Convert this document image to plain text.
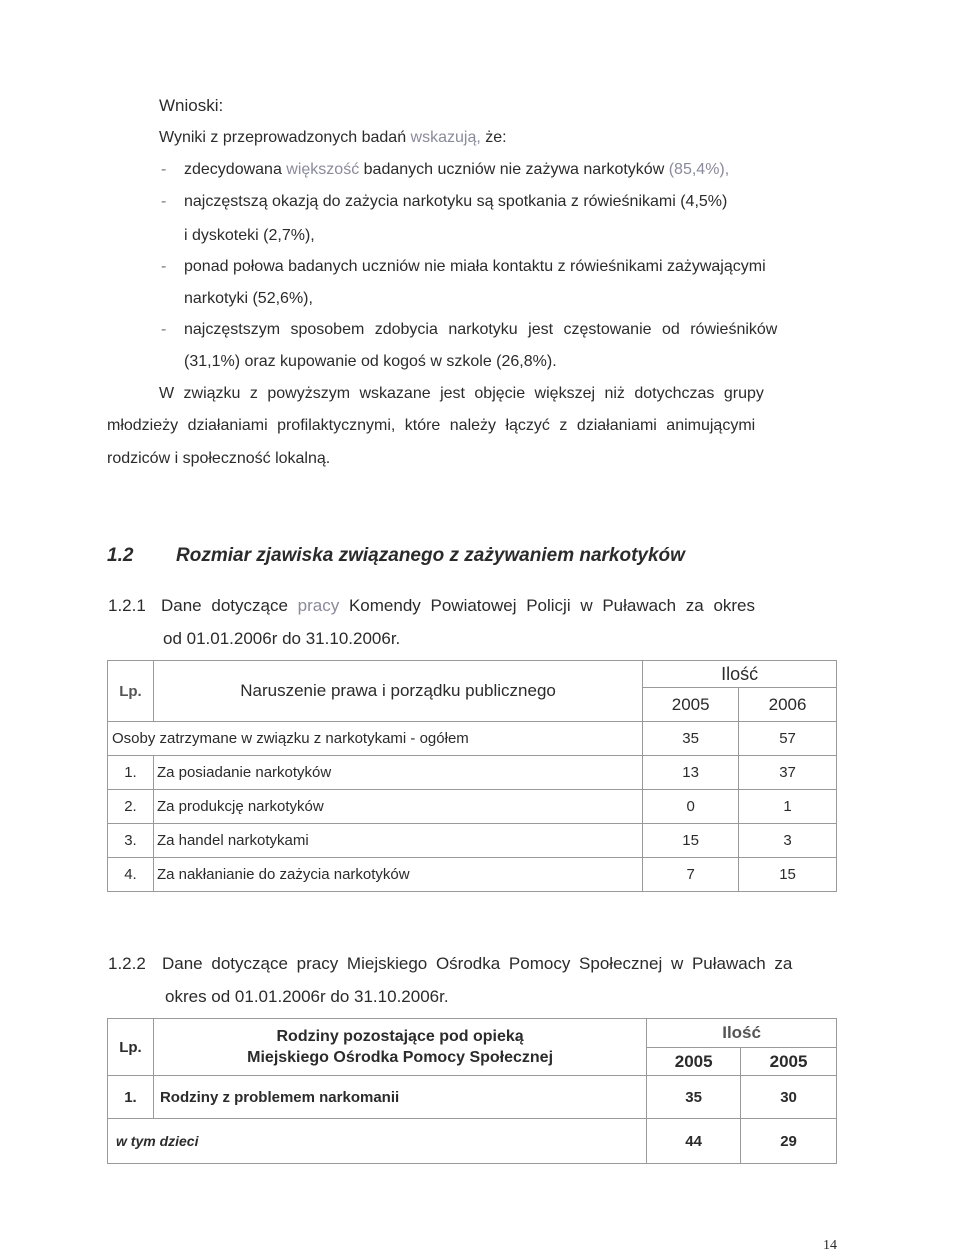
Wnioski:
Wyniki z przeprowadzonych badań wskazują, że:
- zdecydowana większość badanych uczniów nie zażywa narkotyków (85,4%),
- najczęstszą okazją do zażycia narkotyku są spotkania z rówieśnikami (4,5%)
i dyskoteki (2,7%),
- ponad połowa badanych uczniów nie miała kontaktu z rówieśnikami zażywającymi
narkotyki (52,6%),
- najczęstszym sposobem zdobycia narkotyku jest częstowanie od rówieśników
(31,1%) oraz kupowanie od kogoś w szkole (26,8%).
W związku z powyższym wskazane jest objęcie większej niż dotychczas grupy
młodzieży działaniami profilaktycznymi, które należy łączyć z działaniami animującymi
rodziców i społeczność lokalną.
1.2 Rozmiar zjawiska związanego z zażywaniem narkotyków
1.2.1 Dane dotyczące pracy Komendy Powiatowej Policji w Puławach za okres
od 01.01.2006r do 31.10.2006r.
Lp.	Naruszenie prawa i porządku publicznego	Ilość	
		2005	2006
Osoby zatrzymane w związku z narkotykami - ogółem		35	57
1.	Za posiadanie narkotyków	13	37
2.	Za produkcję narkotyków	0	1
3.	Za handel narkotykami	15	3
4.	Za nakłanianie do zażycia narkotyków	7	15
1.2.2 Dane dotyczące pracy Miejskiego Ośrodka Pomocy Społecznej w Puławach za
okres od 01.01.2006r do 31.10.2006r.
Lp.	Rodziny pozostające pod opieką
Miejskiego Ośrodka Pomocy Społecznej	Ilość	
		2005	2005
1.	Rodziny z problemem narkomanii	35	30
w tym dzieci		44	29
14
